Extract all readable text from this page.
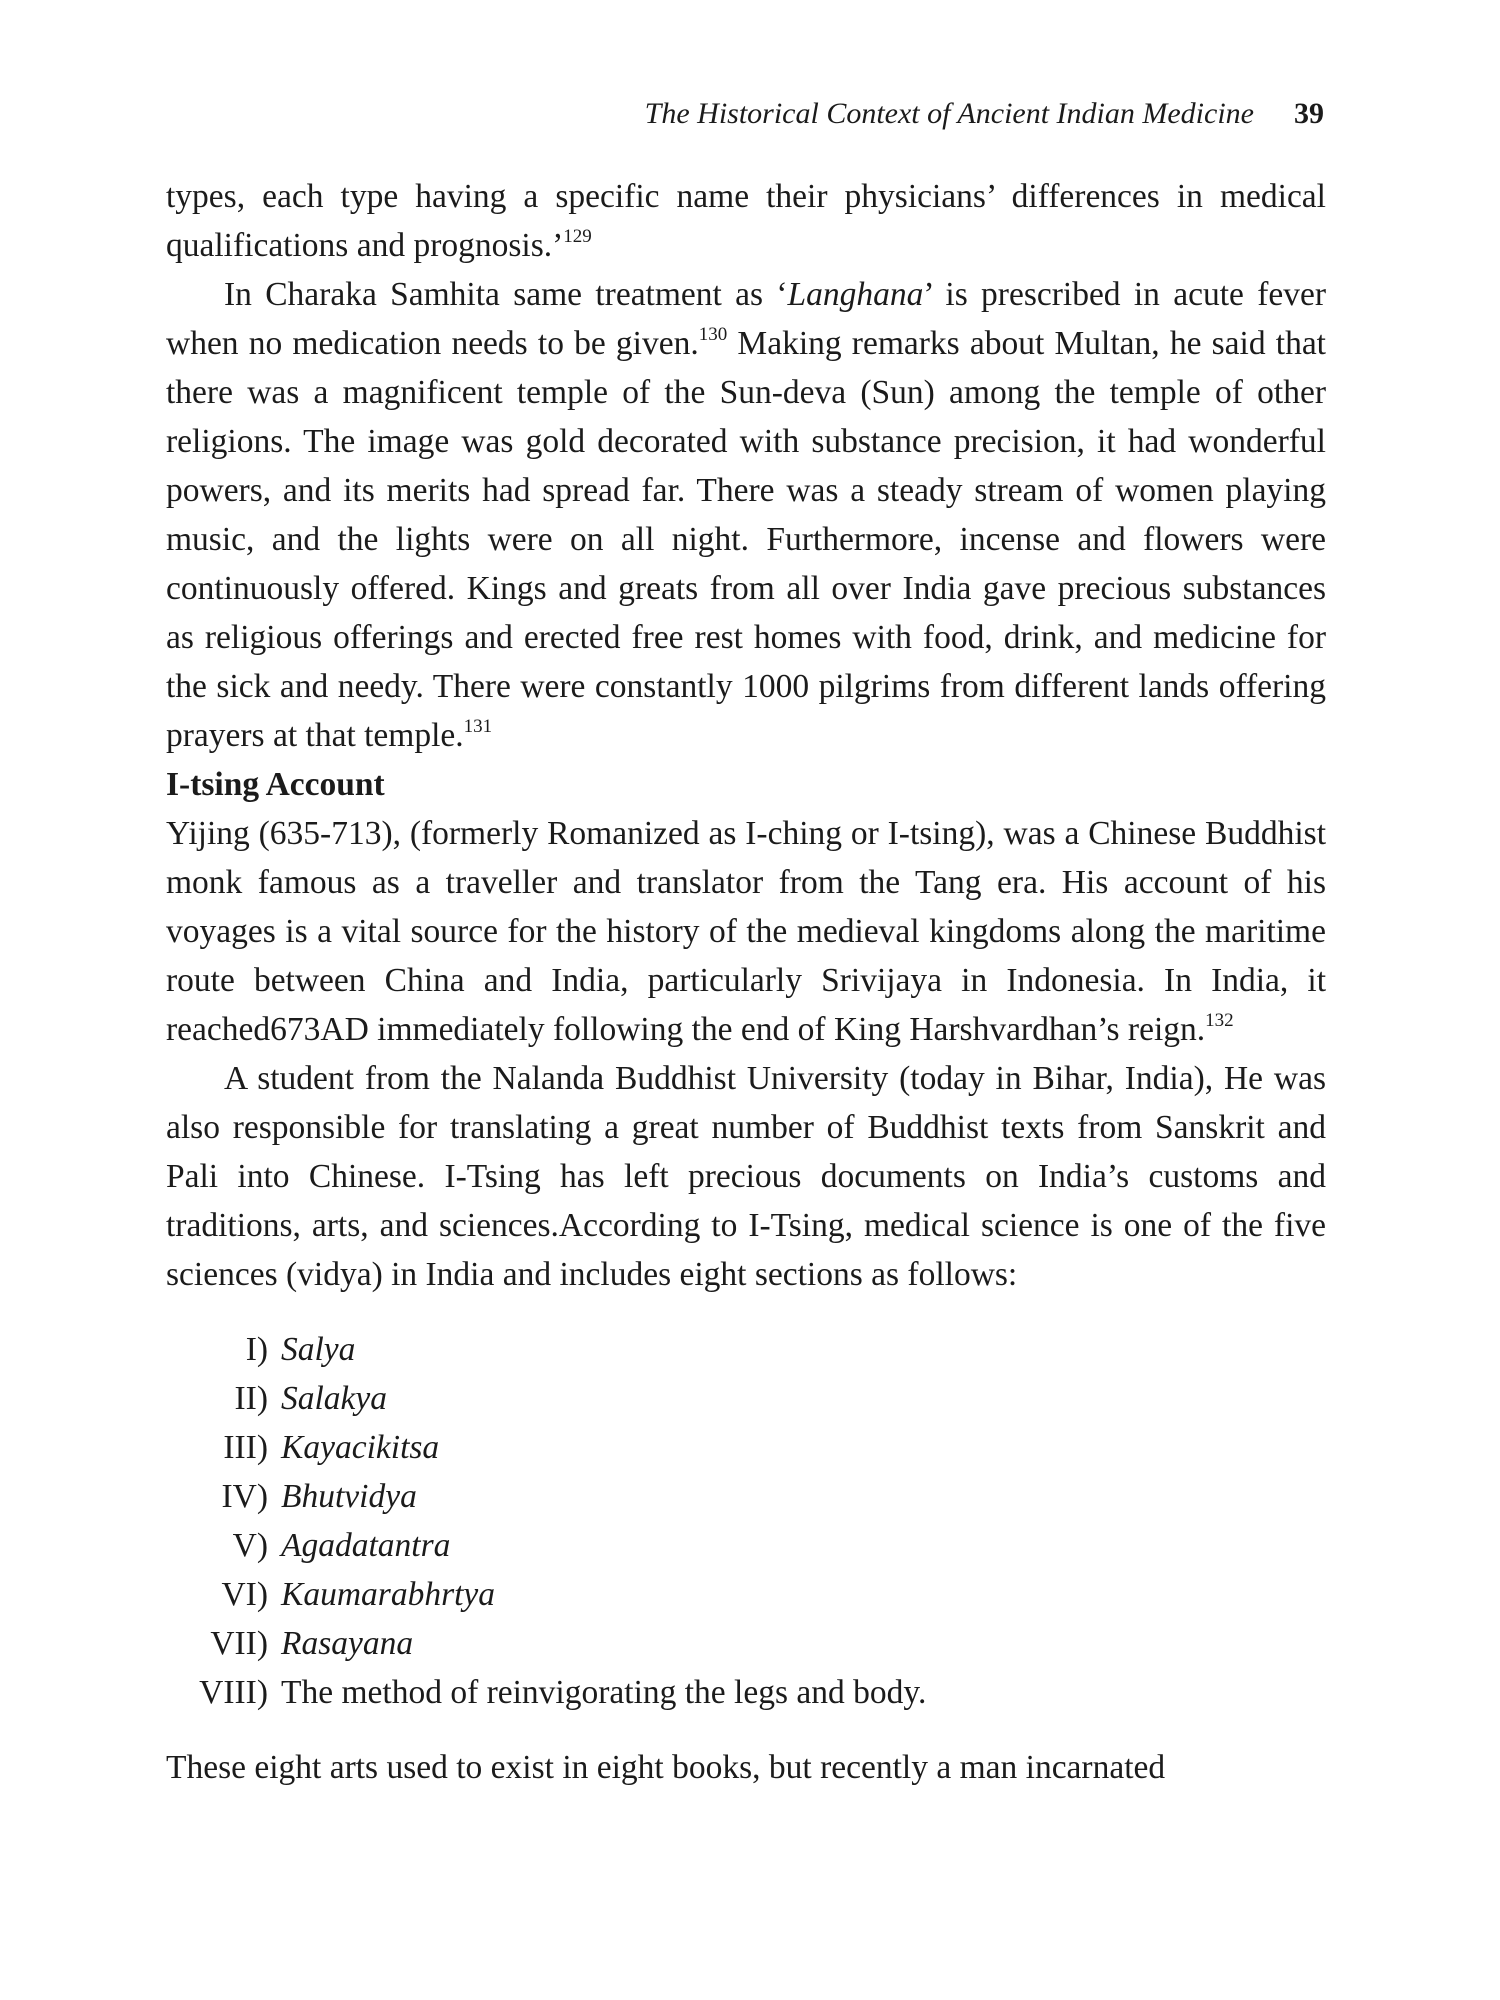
The Historical Context of Ancient Indian Medicine 39

types, each type having a specific name their physicians’ differences in medical qualifications and prognosis.’$^{129}$

In Charaka Samhita same treatment as ‘Langhana’ is prescribed in acute fever when no medication needs to be given.$^{130}$ Making remarks about Multan, he said that there was a magnificent temple of the Sun-deva (Sun) among the temple of other religions. The image was gold decorated with substance precision, it had wonderful powers, and its merits had spread far. There was a steady stream of women playing music, and the lights were on all night. Furthermore, incense and flowers were continuously offered. Kings and greats from all over India gave precious substances as religious offerings and erected free rest homes with food, drink, and medicine for the sick and needy. There were constantly 1000 pilgrims from different lands offering prayers at that temple.$^{131}$

I-tsing Account

Yijing (635-713), (formerly Romanized as I-ching or I-tsing), was a Chinese Buddhist monk famous as a traveller and translator from the Tang era. His account of his voyages is a vital source for the history of the medieval kingdoms along the maritime route between China and India, particularly Srivijaya in Indonesia. In India, it reached673AD immediately following the end of King Harshvardhan’s reign.$^{132}$

A student from the Nalanda Buddhist University (today in Bihar, India), He was also responsible for translating a great number of Buddhist texts from Sanskrit and Pali into Chinese. I-Tsing has left precious documents on India’s customs and traditions, arts, and sciences.According to I-Tsing, medical science is one of the five sciences (vidya) in India and includes eight sections as follows:

I) Salya
II) Salakya
III) Kayacikitsa
IV) Bhutvidya
V) Agadatantra
VI) Kaumarabhrtya
VII) Rasayana
VIII) The method of reinvigorating the legs and body.

These eight arts used to exist in eight books, but recently a man incarnated
